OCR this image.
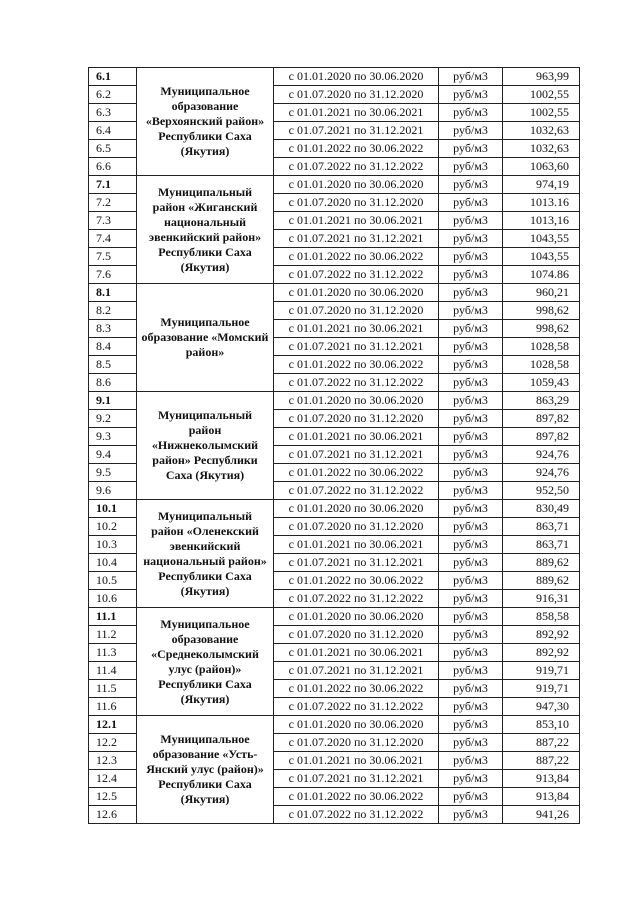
6.1	Муниципальное образование «Верхоянский район» Республики Саха (Якутия)	с 01.01.2020 по 30.06.2020	руб/м3	963,99
6.2		с 01.07.2020 по 31.12.2020	руб/м3	1002,55
6.3		с 01.01.2021 по 30.06.2021	руб/м3	1002,55
6.4		с 01.07.2021 по 31.12.2021	руб/м3	1032,63
6.5		с 01.01.2022 по 30.06.2022	руб/м3	1032,63
6.6		с 01.07.2022 по 31.12.2022	руб/м3	1063,60
7.1	Муниципальный район «Жиганский национальный эвенкийский район» Республики Саха (Якутия)	с 01.01.2020 по 30.06.2020	руб/м3	974,19
7.2		с 01.07.2020 по 31.12.2020	руб/м3	1013.16
7.3		с 01.01.2021 по 30.06.2021	руб/м3	1013,16
7.4		с 01.07.2021 по 31.12.2021	руб/м3	1043,55
7.5		с 01.01.2022 по 30.06.2022	руб/м3	1043,55
7.6		с 01.07.2022 по 31.12.2022	руб/м3	1074.86
8.1	Муниципальное образование «Момский район»	с 01.01.2020 по 30.06.2020	руб/м3	960,21
8.2		с 01.07.2020 по 31.12.2020	руб/м3	998,62
8.3		с 01.01.2021 по 30.06.2021	руб/м3	998,62
8.4		с 01.07.2021 по 31.12.2021	руб/м3	1028,58
8.5		с 01.01.2022 по 30.06.2022	руб/м3	1028,58
8.6		с 01.07.2022 по 31.12.2022	руб/м3	1059,43
9.1	Муниципальный район «Нижнеколымский район» Республики Саха (Якутия)	с 01.01.2020 по 30.06.2020	руб/м3	863,29
9.2		с 01.07.2020 по 31.12.2020	руб/м3	897,82
9.3		с 01.01.2021 по 30.06.2021	руб/м3	897,82
9.4		с 01.07.2021 по 31.12.2021	руб/м3	924,76
9.5		с 01.01.2022 по 30.06.2022	руб/м3	924,76
9.6		с 01.07.2022 по 31.12.2022	руб/м3	952,50
10.1	Муниципальный район «Оленекский эвенкийский национальный район» Республики Саха (Якутия)	с 01.01.2020 по 30.06.2020	руб/м3	830,49
10.2		с 01.07.2020 по 31.12.2020	руб/м3	863,71
10.3		с 01.01.2021 по 30.06.2021	руб/м3	863,71
10.4		с 01.07.2021 по 31.12.2021	руб/м3	889,62
10.5		с 01.01.2022 по 30.06.2022	руб/м3	889,62
10.6		с 01.07.2022 по 31.12.2022	руб/м3	916,31
11.1	Муниципальное образование «Среднеколымский улус (район)» Республики Саха (Якутия)	с 01.01.2020 по 30.06.2020	руб/м3	858,58
11.2		с 01.07.2020 по 31.12.2020	руб/м3	892,92
11.3		с 01.01.2021 по 30.06.2021	руб/м3	892,92
11.4		с 01.07.2021 по 31.12.2021	руб/м3	919,71
11.5		с 01.01.2022 по 30.06.2022	руб/м3	919,71
11.6		с 01.07.2022 по 31.12.2022	руб/м3	947,30
12.1	Муниципальное образование «Усть-Янский улус (район)» Республики Саха (Якутия)	с 01.01.2020 по 30.06.2020	руб/м3	853,10
12.2		с 01.07.2020 по 31.12.2020	руб/м3	887,22
12.3		с 01.01.2021 по 30.06.2021	руб/м3	887,22
12.4		с 01.07.2021 по 31.12.2021	руб/м3	913,84
12.5		с 01.01.2022 по 30.06.2022	руб/м3	913,84
12.6		с 01.07.2022 по 31.12.2022	руб/м3	941,26
